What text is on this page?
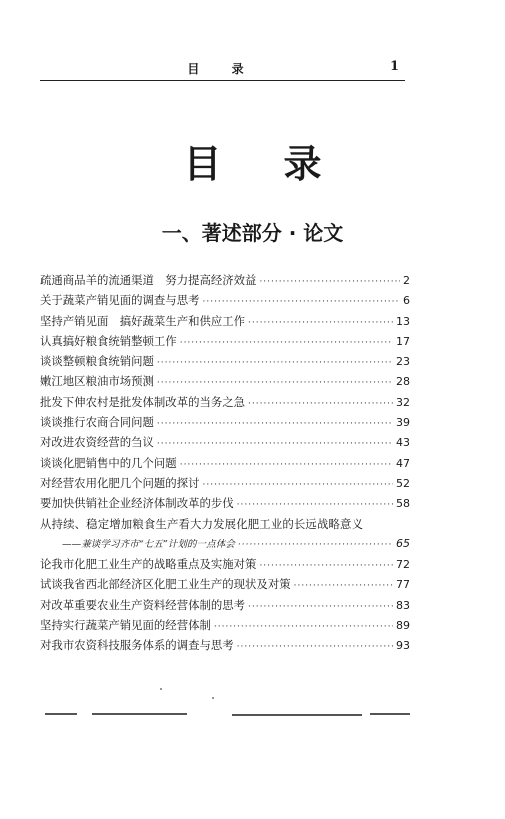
目 录	1
目录
一、著述部分 · 论文
疏通商品羊的流通渠道　努力提高经济效益 ·····	2
关于蔬菜产销见面的调查与思考 ·····	6
坚持产销见面　搞好蔬菜生产和供应工作 ·····	13
认真搞好粮食统销整顿工作 ·····	17
谈谈整顿粮食统销问题 ·····	23
嫩江地区粮油市场预测 ·····	28
批发下伸农村是批发体制改革的当务之急 ·····	32
谈谈推行农商合同问题 ·····	39
对改进农资经营的刍议 ·····	43
谈谈化肥销售中的几个问题 ·····	47
对经营农用化肥几个问题的探讨 ·····	52
要加快供销社企业经济体制改革的步伐 ·····	58
从持续、稳定增加粮食生产看大力发展化肥工业的长远战略意义
——兼谈学习齐市“七五”计划的一点体会 ·····	65
论我市化肥工业生产的战略重点及实施对策 ·····	72
试谈我省西北部经济区化肥工业生产的现状及对策 ·····	77
对改革重要农业生产资料经营体制的思考 ·····	83
坚持实行蔬菜产销见面的经营体制 ·····	89
对我市农资科技服务体系的调查与思考 ·····	93
